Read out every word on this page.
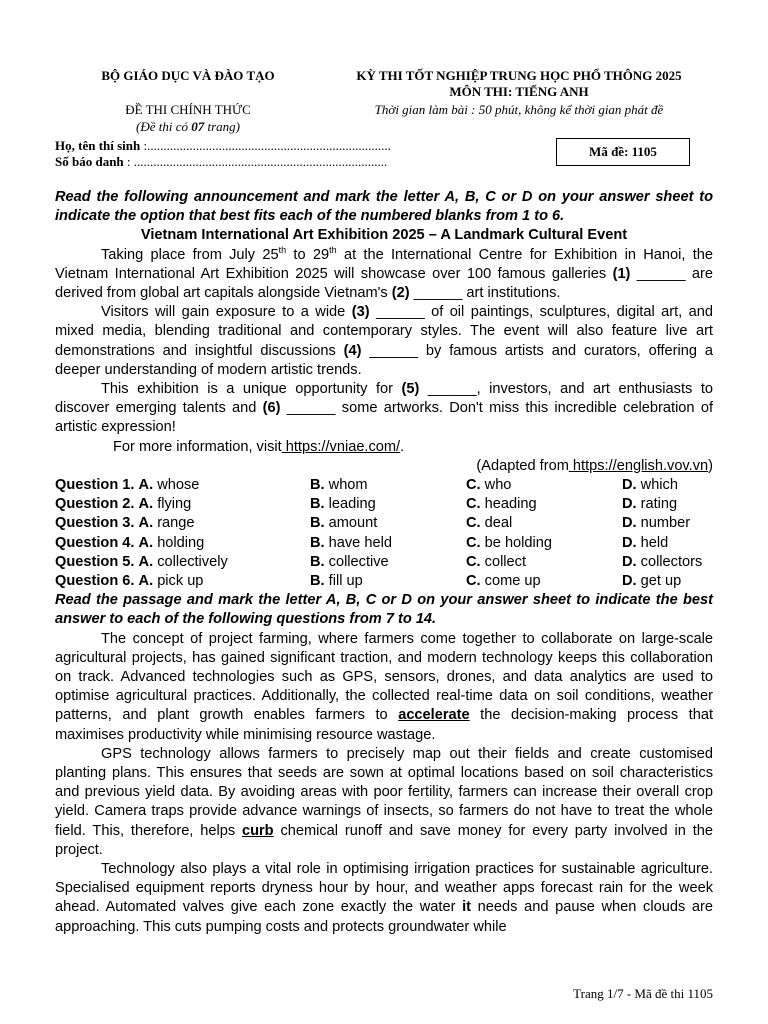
BỘ GIÁO DỤC VÀ ĐÀO TẠO	KỲ THI TỐT NGHIỆP TRUNG HỌC PHỔ THÔNG 2025
MÔN THI: TIẾNG ANH
ĐỀ THI CHÍNH THỨC	Thời gian làm bài : 50 phút, không kể thời gian phát đề
(Đề thi có 07 trang)
Họ, tên thí sinh :...........................................................................
Số báo danh : ..............................................................................
Mã đề: 1105

Read the following announcement and mark the letter A, B, C or D on your answer sheet to indicate the option that best fits each of the numbered blanks from 1 to 6.

Vietnam International Art Exhibition 2025 – A Landmark Cultural Event

Taking place from July 25th to 29th at the International Centre for Exhibition in Hanoi, the Vietnam International Art Exhibition 2025 will showcase over 100 famous galleries (1) ______ are derived from global art capitals alongside Vietnam's (2) ______ art institutions.

Visitors will gain exposure to a wide (3) ______ of oil paintings, sculptures, digital art, and mixed media, blending traditional and contemporary styles. The event will also feature live art demonstrations and insightful discussions (4) ______ by famous artists and curators, offering a deeper understanding of modern artistic trends.

This exhibition is a unique opportunity for (5) ______, investors, and art enthusiasts to discover emerging talents and (6) ______ some artworks. Don't miss this incredible celebration of artistic expression!

For more information, visit https://vniae.com/.

(Adapted from https://english.vov.vn)

Question 1. A. whose	B. whom	C. who	D. which
Question 2. A. flying	B. leading	C. heading	D. rating
Question 3. A. range	B. amount	C. deal	D. number
Question 4. A. holding	B. have held	C. be holding	D. held
Question 5. A. collectively	B. collective	C. collect	D. collectors
Question 6. A. pick up	B. fill up	C. come up	D. get up

Read the passage and mark the letter A, B, C or D on your answer sheet to indicate the best answer to each of the following questions from 7 to 14.

The concept of project farming, where farmers come together to collaborate on large-scale agricultural projects, has gained significant traction, and modern technology keeps this collaboration on track. Advanced technologies such as GPS, sensors, drones, and data analytics are used to optimise agricultural practices. Additionally, the collected real-time data on soil conditions, weather patterns, and plant growth enables farmers to accelerate the decision-making process that maximises productivity while minimising resource wastage.

GPS technology allows farmers to precisely map out their fields and create customised planting plans. This ensures that seeds are sown at optimal locations based on soil characteristics and previous yield data. By avoiding areas with poor fertility, farmers can increase their overall crop yield. Camera traps provide advance warnings of insects, so farmers do not have to treat the whole field. This, therefore, helps curb chemical runoff and save money for every party involved in the project.

Technology also plays a vital role in optimising irrigation practices for sustainable agriculture. Specialised equipment reports dryness hour by hour, and weather apps forecast rain for the week ahead. Automated valves give each zone exactly the water it needs and pause when clouds are approaching. This cuts pumping costs and protects groundwater while

Trang 1/7 - Mã đề thi 1105
